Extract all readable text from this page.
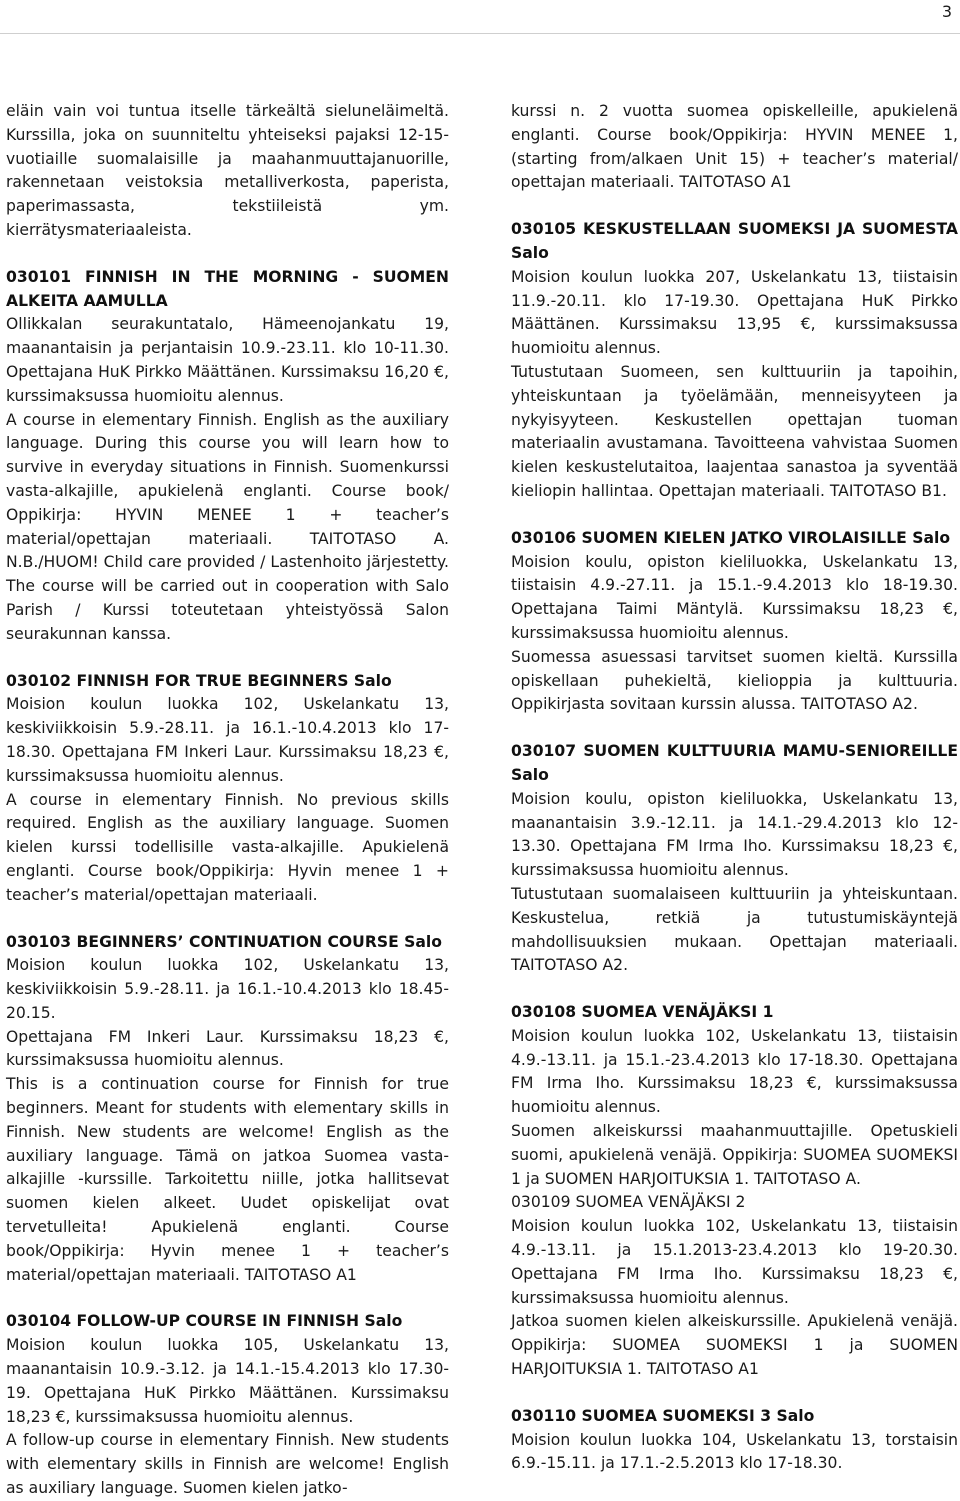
3

eläin vain voi tuntua itselle tärkeältä sieluneläimeltä. Kurssilla, joka on suunniteltu yhteiseksi pajaksi 12-15-vuotiaille suomalaisille ja maahanmuuttajanuorille, rakennetaan veistoksia metalliverkosta, paperista, paperimassasta, tekstiileistä ym. kierrätysmateriaaleista.

030101 FINNISH IN THE MORNING - SUOMEN ALKEITA AAMULLA
Ollikkalan seurakuntatalo, Hämeenojankatu 19, maanantaisin ja perjantaisin 10.9.-23.11. klo 10-11.30. Opettajana HuK Pirkko Määttänen. Kurssimaksu 16,20 €, kurssimaksussa huomioitu alennus.
A course in elementary Finnish. English as the auxiliary language. During this course you will learn how to survive in everyday situations in Finnish. Suomenkurssi vasta-alkajille, apukielenä englanti. Course book/ Oppikirja: HYVIN MENEE 1 + teacher’s material/opettajan materiaali. TAITOTASO A. N.B./HUOM! Child care provided / Lastenhoito järjestetty. The course will be carried out in cooperation with Salo Parish / Kurssi toteutetaan yhteistyössä Salon seurakunnan kanssa.
030102 FINNISH FOR TRUE BEGINNERS Salo
Moision koulun luokka 102, Uskelankatu 13, keskiviikkoisin 5.9.-28.11. ja 16.1.-10.4.2013 klo 17-18.30. Opettajana FM Inkeri Laur. Kurssimaksu 18,23 €, kurssimaksussa huomioitu alennus.
A course in elementary Finnish. No previous skills required. English as the auxiliary language. Suomen kielen kurssi todellisille vasta-alkajille. Apukielenä englanti. Course book/Oppikirja: Hyvin menee 1 + teacher’s material/opettajan materiaali.
030103 BEGINNERS’ CONTINUATION COURSE Salo
Moision koulun luokka 102, Uskelankatu 13, keskiviikkoisin 5.9.-28.11. ja 16.1.-10.4.2013 klo 18.45-20.15.
Opettajana FM Inkeri Laur. Kurssimaksu 18,23 €, kurssimaksussa huomioitu alennus.
This is a continuation course for Finnish for true beginners. Meant for students with elementary skills in Finnish. New students are welcome! English as the auxiliary language. Tämä on jatkoa Suomea vasta-alkajille -kurssille. Tarkoitettu niille, jotka hallitsevat suomen kielen alkeet. Uudet opiskelijat ovat tervetulleita! Apukielenä englanti. Course book/Oppikirja: Hyvin menee 1 + teacher’s material/opettajan materiaali. TAITOTASO A1
030104 FOLLOW-UP COURSE IN FINNISH Salo
Moision koulun luokka 105, Uskelankatu 13, maanantaisin 10.9.-3.12. ja 14.1.-15.4.2013 klo 17.30-19. Opettajana HuK Pirkko Määttänen. Kurssimaksu 18,23 €, kurssimaksussa huomioitu alennus.
A follow-up course in elementary Finnish. New students with elementary skills in Finnish are welcome! English as auxiliary language. Suomen kielen jatko-

kurssi n. 2 vuotta suomea opiskelleille, apukielenä englanti. Course book/Oppikirja: HYVIN MENEE 1, (starting from/alkaen Unit 15) + teacher’s material/ opettajan materiaali. TAITOTASO A1

030105 KESKUSTELLAAN SUOMEKSI JA SUOMESTA Salo
Moision koulun luokka 207, Uskelankatu 13, tiistaisin 11.9.-20.11. klo 17-19.30. Opettajana HuK Pirkko Määttänen. Kurssimaksu 13,95 €, kurssimaksussa huomioitu alennus.
Tutustutaan Suomeen, sen kulttuuriin ja tapoihin, yhteiskuntaan ja työelämään, menneisyyteen ja nykyisyyteen. Keskustellen opettajan tuoman materiaalin avustamana. Tavoitteena vahvistaa Suomen kielen keskustelutaitoa, laajentaa sanastoa ja syventää kieliopin hallintaa. Opettajan materiaali. TAITOTASO B1.
030106 SUOMEN KIELEN JATKO VIROLAISILLE Salo
Moision koulu, opiston kieliluokka, Uskelankatu 13, tiistaisin 4.9.-27.11. ja 15.1.-9.4.2013 klo 18-19.30. Opettajana Taimi Mäntylä. Kurssimaksu 18,23 €, kurssimaksussa huomioitu alennus.
Suomessa asuessasi tarvitset suomen kieltä. Kurssilla opiskellaan puhekieltä, kielioppia ja kulttuuria. Oppikirjasta sovitaan kurssin alussa. TAITOTASO A2.
030107 SUOMEN KULTTUURIA MAMU-SENIOREILLE Salo
Moision koulu, opiston kieliluokka, Uskelankatu 13, maanantaisin 3.9.-12.11. ja 14.1.-29.4.2013 klo 12-13.30. Opettajana FM Irma Iho. Kurssimaksu 18,23 €, kurssimaksussa huomioitu alennus.
Tutustutaan suomalaiseen kulttuuriin ja yhteiskuntaan. Keskustelua, retkiä ja tutustumiskäyntejä mahdollisuuksien mukaan. Opettajan materiaali. TAITOTASO A2.
030108 SUOMEA VENÄJÄKSI 1
Moision koulun luokka 102, Uskelankatu 13, tiistaisin 4.9.-13.11. ja 15.1.-23.4.2013 klo 17-18.30. Opettajana FM Irma Iho. Kurssimaksu 18,23 €, kurssimaksussa huomioitu alennus.
Suomen alkeiskurssi maahanmuuttajille. Opetuskieli suomi, apukielenä venäjä. Oppikirja: SUOMEA SUOMEKSI 1 ja SUOMEN HARJOITUKSIA 1. TAITOTASO A.
030109 SUOMEA VENÄJÄKSI 2
Moision koulun luokka 102, Uskelankatu 13, tiistaisin 4.9.-13.11. ja 15.1.2013-23.4.2013 klo 19-20.30. Opettajana FM Irma Iho. Kurssimaksu 18,23 €, kurssimaksussa huomioitu alennus.
Jatkoa suomen kielen alkeiskurssille. Apukielenä venäjä. Oppikirja: SUOMEA SUOMEKSI 1 ja SUOMEN HARJOITUKSIA 1. TAITOTASO A1
030110 SUOMEA SUOMEKSI 3 Salo
Moision koulun luokka 104, Uskelankatu 13, torstaisin 6.9.-15.11. ja 17.1.-2.5.2013 klo 17-18.30.
